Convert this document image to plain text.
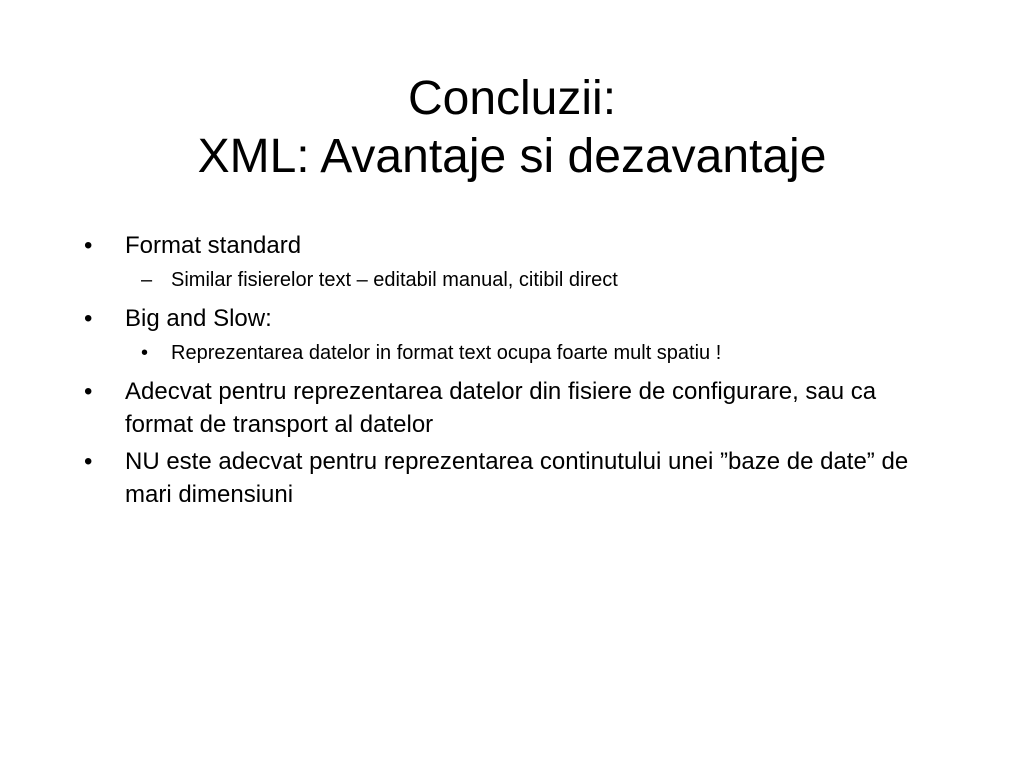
Concluzii:
XML: Avantaje si dezavantaje
•	Format standard
– Similar fisierelor text – editabil manual, citibil direct
•	Big and Slow:
•	Reprezentarea datelor in format text ocupa foarte mult spatiu !
•	Adecvat pentru reprezentarea datelor din fisiere de configurare, sau ca format de transport al datelor
•	NU este adecvat pentru reprezentarea continutului unei ”baze de date” de mari dimensiuni
